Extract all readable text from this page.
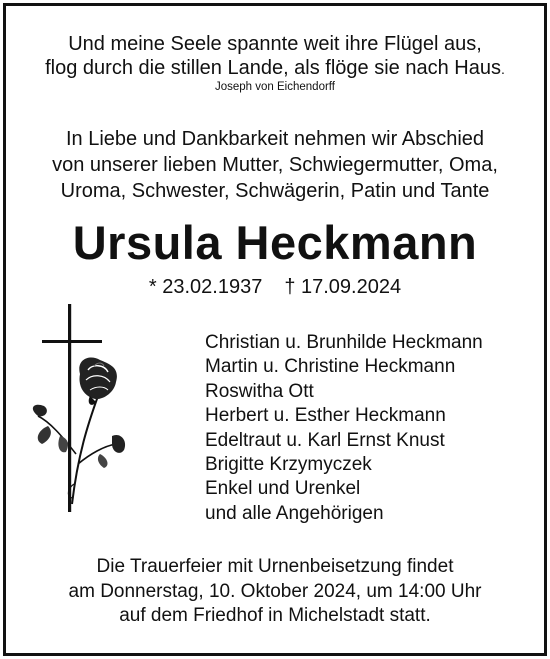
Und meine Seele spannte weit ihre Flügel aus,
flog durch die stillen Lande, als flöge sie nach Haus.
Joseph von Eichendorff
In Liebe und Dankbarkeit nehmen wir Abschied
von unserer lieben Mutter, Schwiegermutter, Oma,
Uroma, Schwester, Schwägerin, Patin und Tante
Ursula Heckmann
* 23.02.1937 † 17.09.2024
Christian u. Brunhilde Heckmann
Martin u. Christine Heckmann
Roswitha Ott
Herbert u. Esther Heckmann
Edeltraut u. Karl Ernst Knust
Brigitte Krzymyczek
Enkel und Urenkel
und alle Angehörigen
Die Trauerfeier mit Urnenbeisetzung findet
am Donnerstag, 10. Oktober 2024, um 14:00 Uhr
auf dem Friedhof in Michelstadt statt.
